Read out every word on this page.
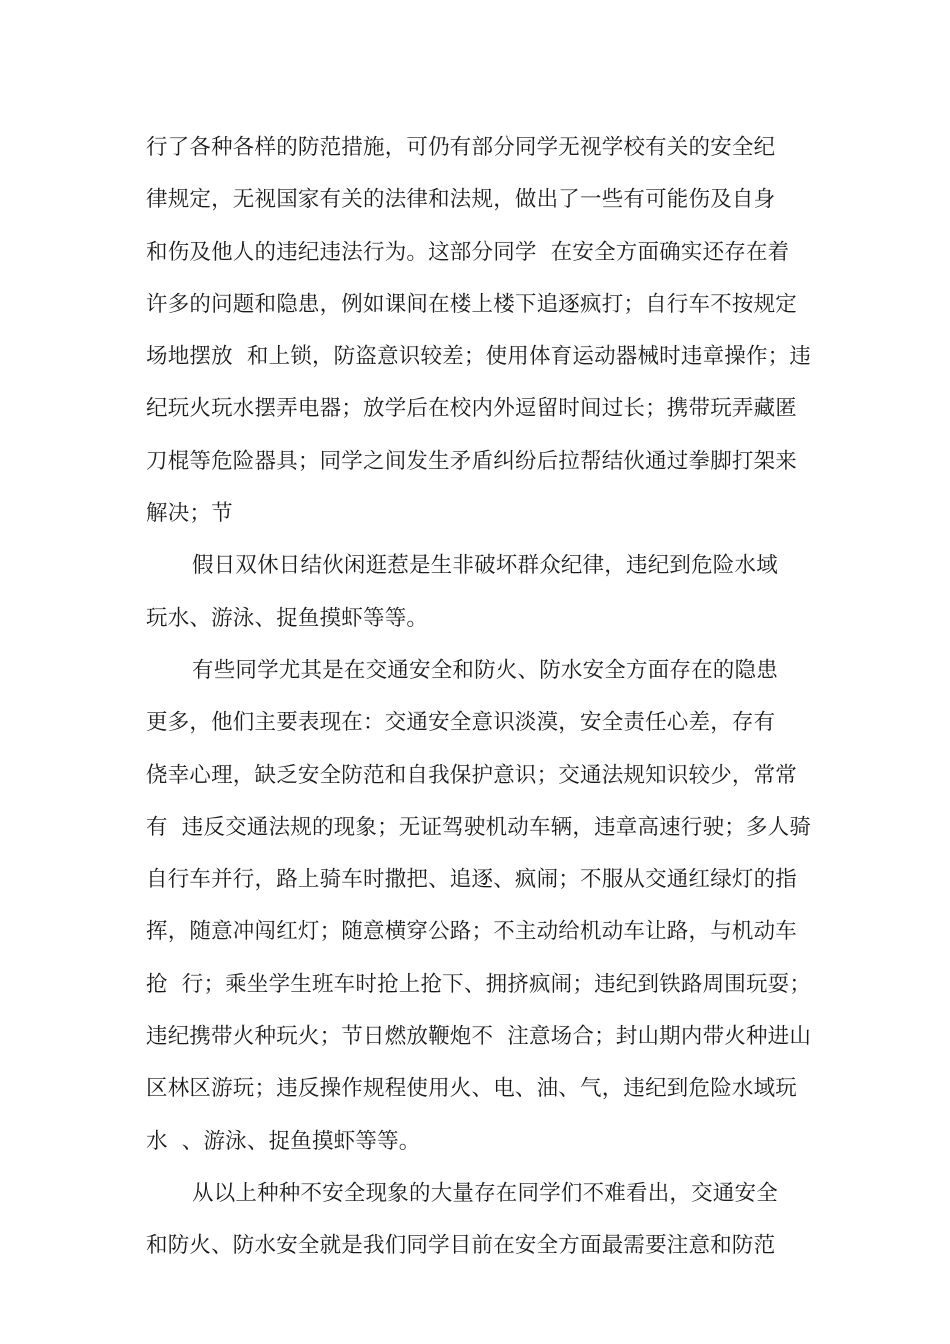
行了各种各样的防范措施，可仍有部分同学无视学校有关的安全纪
律规定，无视国家有关的法律和法规，做出了一些有可能伤及自身
和伤及他人的违纪违法行为。这部分同学  在安全方面确实还存在着
许多的问题和隐患，例如课间在楼上楼下追逐疯打；自行车不按规定
场地摆放  和上锁，防盗意识较差；使用体育运动器械时违章操作；违
纪玩火玩水摆弄电器；放学后在校内外逗留时间过长；携带玩弄藏匿
刀棍等危险器具；同学之间发生矛盾纠纷后拉帮结伙通过拳脚打架来
解决；节
假日双休日结伙闲逛惹是生非破坏群众纪律，违纪到危险水域
玩水、游泳、捉鱼摸虾等等。
有些同学尤其是在交通安全和防火、防水安全方面存在的隐患
更多，他们主要表现在：交通安全意识淡漠，安全责任心差，存有
侥幸心理，缺乏安全防范和自我保护意识；交通法规知识较少，常常
有  违反交通法规的现象；无证驾驶机动车辆，违章高速行驶；多人骑
自行车并行，路上骑车时撒把、追逐、疯闹；不服从交通红绿灯的指
挥，随意冲闯红灯；随意横穿公路；不主动给机动车让路，与机动车
抢  行；乘坐学生班车时抢上抢下、拥挤疯闹；违纪到铁路周围玩耍；
违纪携带火种玩火；节日燃放鞭炮不  注意场合；封山期内带火种进山
区林区游玩；违反操作规程使用火、电、油、气，违纪到危险水域玩
水  、游泳、捉鱼摸虾等等。
从以上种种不安全现象的大量存在同学们不难看出，交通安全
和防火、防水安全就是我们同学目前在安全方面最需要注意和防范
